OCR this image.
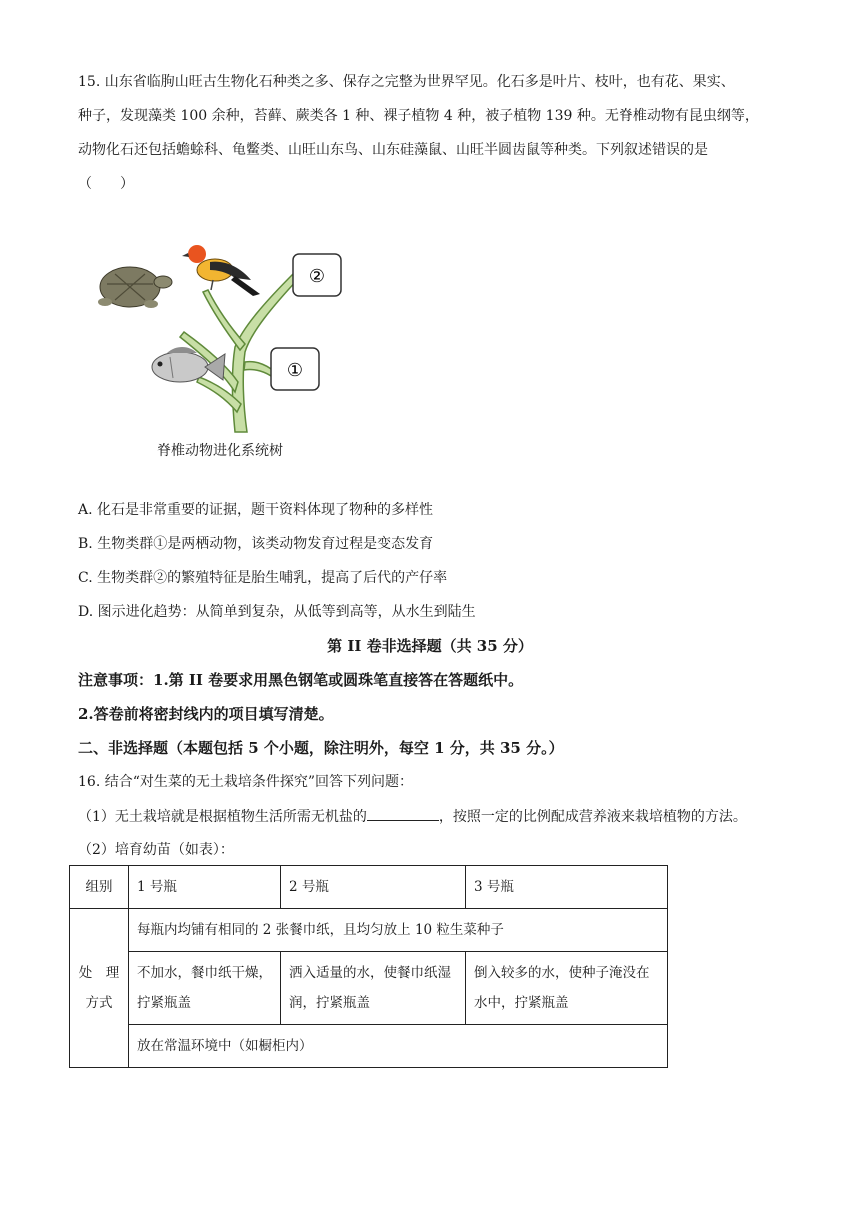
15. 山东省临朐山旺古生物化石种类之多、保存之完整为世界罕见。化石多是叶片、枝叶，也有花、果实、
种子，发现藻类 100 余种，苔藓、蕨类各 1 种、裸子植物 4 种，被子植物 139 种。无脊椎动物有昆虫纲等，
动物化石还包括蟾蜍科、龟鳖类、山旺山东鸟、山东硅藻鼠、山旺半圆齿鼠等种类。下列叙述错误的是
（　　）
②
①
脊椎动物进化系统树
A. 化石是非常重要的证据，题干资料体现了物种的多样性
B. 生物类群①是两栖动物，该类动物发育过程是变态发育
C. 生物类群②的繁殖特征是胎生哺乳，提高了后代的产仔率
D. 图示进化趋势：从简单到复杂，从低等到高等，从水生到陆生
第 II 卷非选择题（共 35 分）
注意事项：1.第 II 卷要求用黑色钢笔或圆珠笔直接答在答题纸中。
2.答卷前将密封线内的项目填写清楚。
二、非选择题（本题包括 5 个小题，除注明外，每空 1 分，共 35 分。）
16. 结合“对生菜的无土栽培条件探究”回答下列问题：
（1）无土栽培就是根据植物生活所需无机盐的	，按照一定的比例配成营养液来栽培植物的方法。
（2）培育幼苗（如表）：
组别	1 号瓶	2 号瓶	3 号瓶
处　理方式	每瓶内均铺有相同的 2 张餐巾纸，且均匀放上 10 粒生菜种子		
	不加水，餐巾纸干燥，拧紧瓶盖	洒入适量的水，使餐巾纸湿润，拧紧瓶盖	倒入较多的水，使种子淹没在水中，拧紧瓶盖
	放在常温环境中（如橱柜内）		
